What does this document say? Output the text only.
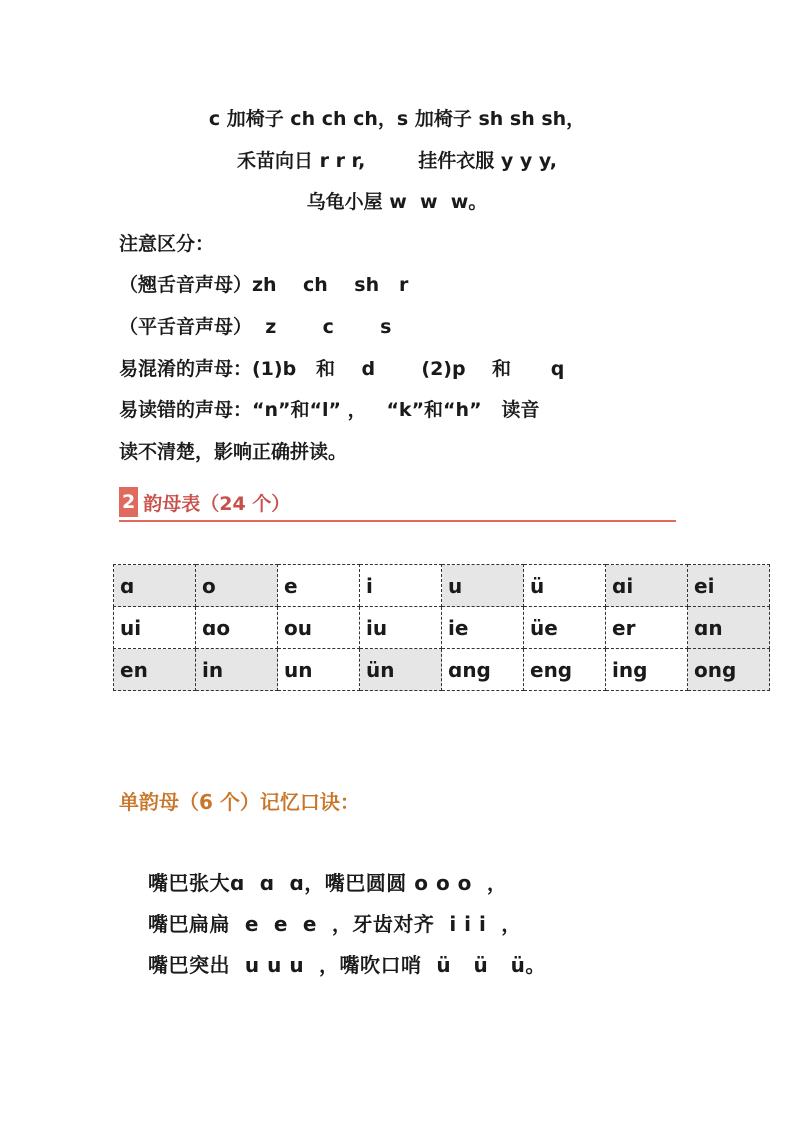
c 加椅子 ch ch ch，s 加椅子 sh sh sh，
禾苗向日 r r r,        挂件衣服 y y y,
乌龟小屋 w  w  w。
注意区分：
（翘舌音声母）zh    ch    sh   r
（平舌音声母）  z       c       s
易混淆的声母：(1)b   和    d       (2)p    和      q
易读错的声母：“n”和“l” ，   “k”和“h”   读音
读不清楚，影响正确拼读。
2 韵母表（24 个）
ɑ	o	e	i	u	ü	ɑi	ei
ui	ɑo	ou	iu	ie	üe	er	ɑn
en	in	un	ün	ɑng	eng	ing	ong
单韵母（6 个）记忆口诀：
嘴巴张大ɑ  ɑ  ɑ，嘴巴圆圆 o o o  ，
嘴巴扁扁  e  e  e  ，牙齿对齐  i i i  ，
嘴巴突出  u u u  ，嘴吹口哨  ü   ü   ü。
